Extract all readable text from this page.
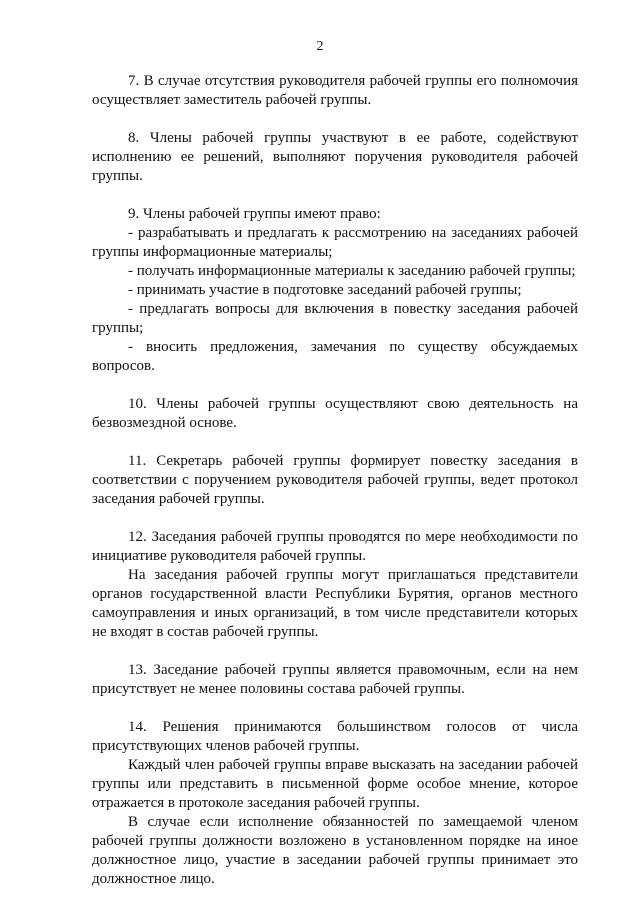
2

7. В случае отсутствия руководителя рабочей группы его полномочия осуществляет заместитель рабочей группы.

8. Члены рабочей группы участвуют в ее работе, содействуют исполнению ее решений, выполняют поручения руководителя рабочей группы.

9. Члены рабочей группы имеют право:

- разрабатывать и предлагать к рассмотрению на заседаниях рабочей группы информационные материалы;

- получать информационные материалы к заседанию рабочей группы;

- принимать участие в подготовке заседаний рабочей группы;

- предлагать вопросы для включения в повестку заседания рабочей группы;

- вносить предложения, замечания по существу обсуждаемых вопросов.

10. Члены рабочей группы осуществляют свою деятельность на безвозмездной основе.

11. Секретарь рабочей группы формирует повестку заседания в соответствии с поручением руководителя рабочей группы, ведет протокол заседания рабочей группы.

12. Заседания рабочей группы проводятся по мере необходимости по инициативе руководителя рабочей группы.

На заседания рабочей группы могут приглашаться представители органов государственной власти Республики Бурятия, органов местного самоуправления и иных организаций, в том числе представители которых не входят в состав рабочей группы.

13. Заседание рабочей группы является правомочным, если на нем присутствует не менее половины состава рабочей группы.

14. Решения принимаются большинством голосов от числа присутствующих членов рабочей группы.

Каждый член рабочей группы вправе высказать на заседании рабочей группы или представить в письменной форме особое мнение, которое отражается в протоколе заседания рабочей группы.

В случае если исполнение обязанностей по замещаемой членом рабочей группы должности возложено в установленном порядке на иное должностное лицо, участие в заседании рабочей группы принимает это должностное лицо.
